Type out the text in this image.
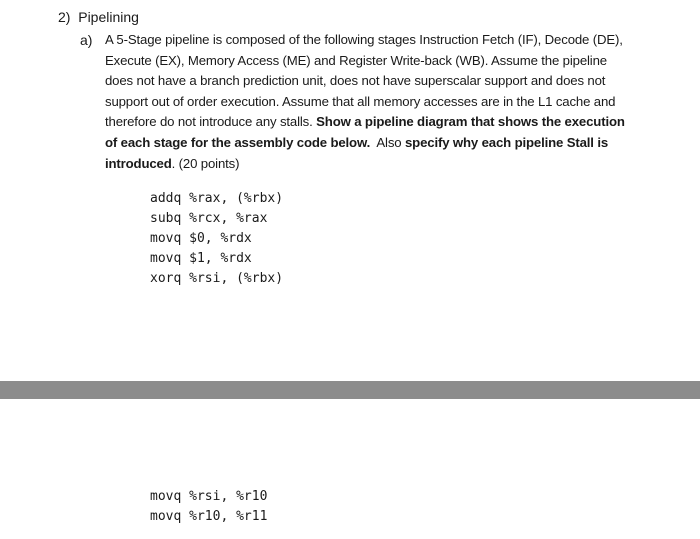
2) Pipelining
a) A 5-Stage pipeline is composed of the following stages Instruction Fetch (IF), Decode (DE),
Execute (EX), Memory Access (ME) and Register Write-back (WB). Assume the pipeline
does not have a branch prediction unit, does not have superscalar support and does not
support out of order execution. Assume that all memory accesses are in the L1 cache and
therefore do not introduce any stalls. Show a pipeline diagram that shows the execution
of each stage for the assembly code below.  Also specify why each pipeline Stall is
introduced. (20 points)
addq %rax, (%rbx)
subq %rcx, %rax
movq $0, %rdx
movq $1, %rdx
xorq %rsi, (%rbx)
movq %rsi, %r10
movq %r10, %r11
